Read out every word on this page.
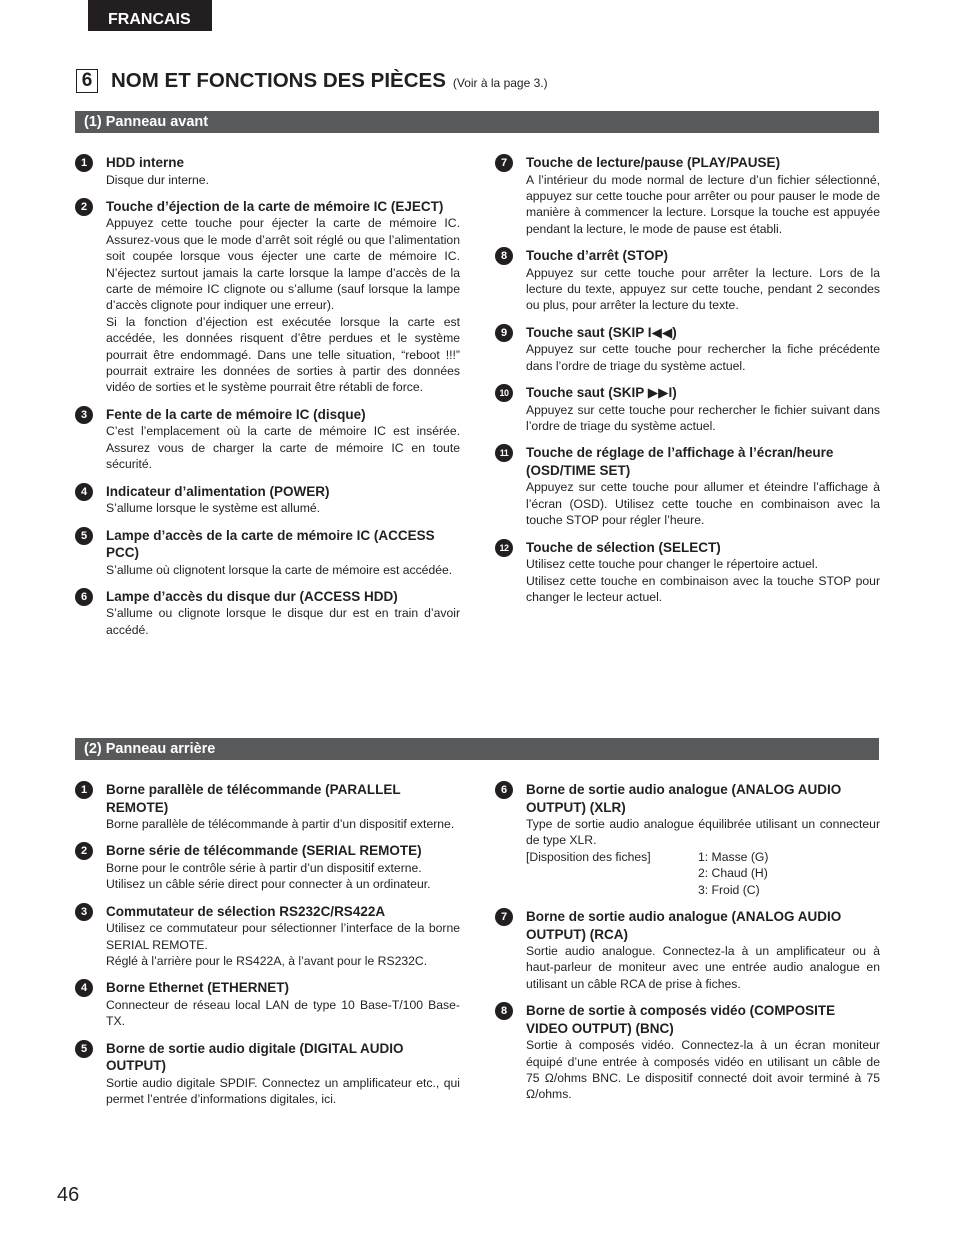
FRANCAIS
6 NOM ET FONCTIONS DES PIÈCES (Voir à la page 3.)
(1) Panneau avant
1	HDD interne

Disque dur interne.

2	Touche d’éjection de la carte de mémoire IC (EJECT)

Appuyez cette touche pour éjecter la carte de mémoire IC. Assurez-vous que le mode d’arrêt soit réglé ou que l’alimentation soit coupée lorsque vous éjecter une carte de mémoire IC. N’éjectez surtout jamais la carte lorsque la lampe d’accès de la carte de mémoire IC clignote ou s’allume (sauf lorsque la lampe d’accès clignote pour indiquer une erreur).

Si la fonction d’éjection est exécutée lorsque la carte est accédée, les données risquent d’être perdues et le système pourrait être endommagé. Dans une telle situation, “reboot !!!” pourrait extraire les données de sorties à partir des données vidéo de sorties et le système pourrait être rétabli de force.

3	Fente de la carte de mémoire IC (disque)

C’est l’emplacement où la carte de mémoire IC est insérée. Assurez vous de charger la carte de mémoire IC en toute sécurité.

4	Indicateur d’alimentation (POWER)

S’allume lorsque le système est allumé.

5	Lampe d’accès de la carte de mémoire IC (ACCESS PCC)

S’allume où clignotent lorsque la carte de mémoire est accédée.

6	Lampe d’accès du disque dur (ACCESS HDD)

S’allume ou clignote lorsque le disque dur est en train d’avoir accédé.

7	Touche de lecture/pause (PLAY/PAUSE)

A l’intérieur du mode normal de lecture d’un fichier sélectionné, appuyez sur cette touche pour arrêter ou pour pauser le mode de manière à commencer la lecture. Lorsque la touche est appuyée pendant la lecture, le mode de pause est établi.

8	Touche d’arrêt (STOP)

Appuyez sur cette touche pour arrêter la lecture. Lors de la lecture du texte, appuyez sur cette touche, pendant 2 secondes ou plus, pour arrêter la lecture du texte.

9	Touche saut (SKIP I◀◀)

Appuyez sur cette touche pour rechercher la fiche précédente dans l’ordre de triage du système actuel.

10	Touche saut (SKIP ▶▶I)

Appuyez sur cette touche pour rechercher le fichier suivant dans l’ordre de triage du système actuel.

11	Touche de réglage de l’affichage à l’écran/heure (OSD/TIME SET)

Appuyez sur cette touche pour allumer et éteindre l’affichage à l’écran (OSD). Utilisez cette touche en combinaison avec la touche STOP pour régler l’heure.

12	Touche de sélection (SELECT)

Utilisez cette touche pour changer le répertoire actuel.

Utilisez cette touche en combinaison avec la touche STOP pour changer le lecteur actuel.

(2) Panneau arrière
1	Borne parallèle de télécommande (PARALLEL REMOTE)

Borne parallèle de télécommande à partir d’un dispositif externe.

2	Borne série de télécommande (SERIAL REMOTE)

Borne pour le contrôle série à partir d’un dispositif externe.

Utilisez un câble série direct pour connecter à un ordinateur.

3	Commutateur de sélection RS232C/RS422A

Utilisez ce commutateur pour sélectionner l’interface de la borne SERIAL REMOTE.

Réglé à l’arrière pour le RS422A, à l’avant pour le RS232C.

4	Borne Ethernet (ETHERNET)

Connecteur de réseau local LAN de type 10 Base-T/100 Base-TX.

5	Borne de sortie audio digitale (DIGITAL AUDIO OUTPUT)

Sortie audio digitale SPDIF. Connectez un amplificateur etc., qui permet l’entrée d’informations digitales, ici.

6	Borne de sortie audio analogue (ANALOG AUDIO OUTPUT) (XLR)

Type de sortie audio analogue équilibrée utilisant un connecteur de type XLR.

[Disposition des fiches]	1: Masse (G)
2: Chaud (H)
3: Froid (C)
7	Borne de sortie audio analogue (ANALOG AUDIO OUTPUT) (RCA)

Sortie audio analogue. Connectez-la à un amplificateur ou à haut-parleur de moniteur avec une entrée audio analogue en utilisant un câble RCA de prise à fiches.

8	Borne de sortie à composés vidéo (COMPOSITE VIDEO OUTPUT) (BNC)

Sortie à composés vidéo. Connectez-la à un écran moniteur équipé d’une entrée à composés vidéo en utilisant un câble de 75 Ω/ohms BNC. Le dispositif connecté doit avoir terminé à 75 Ω/ohms.

46
